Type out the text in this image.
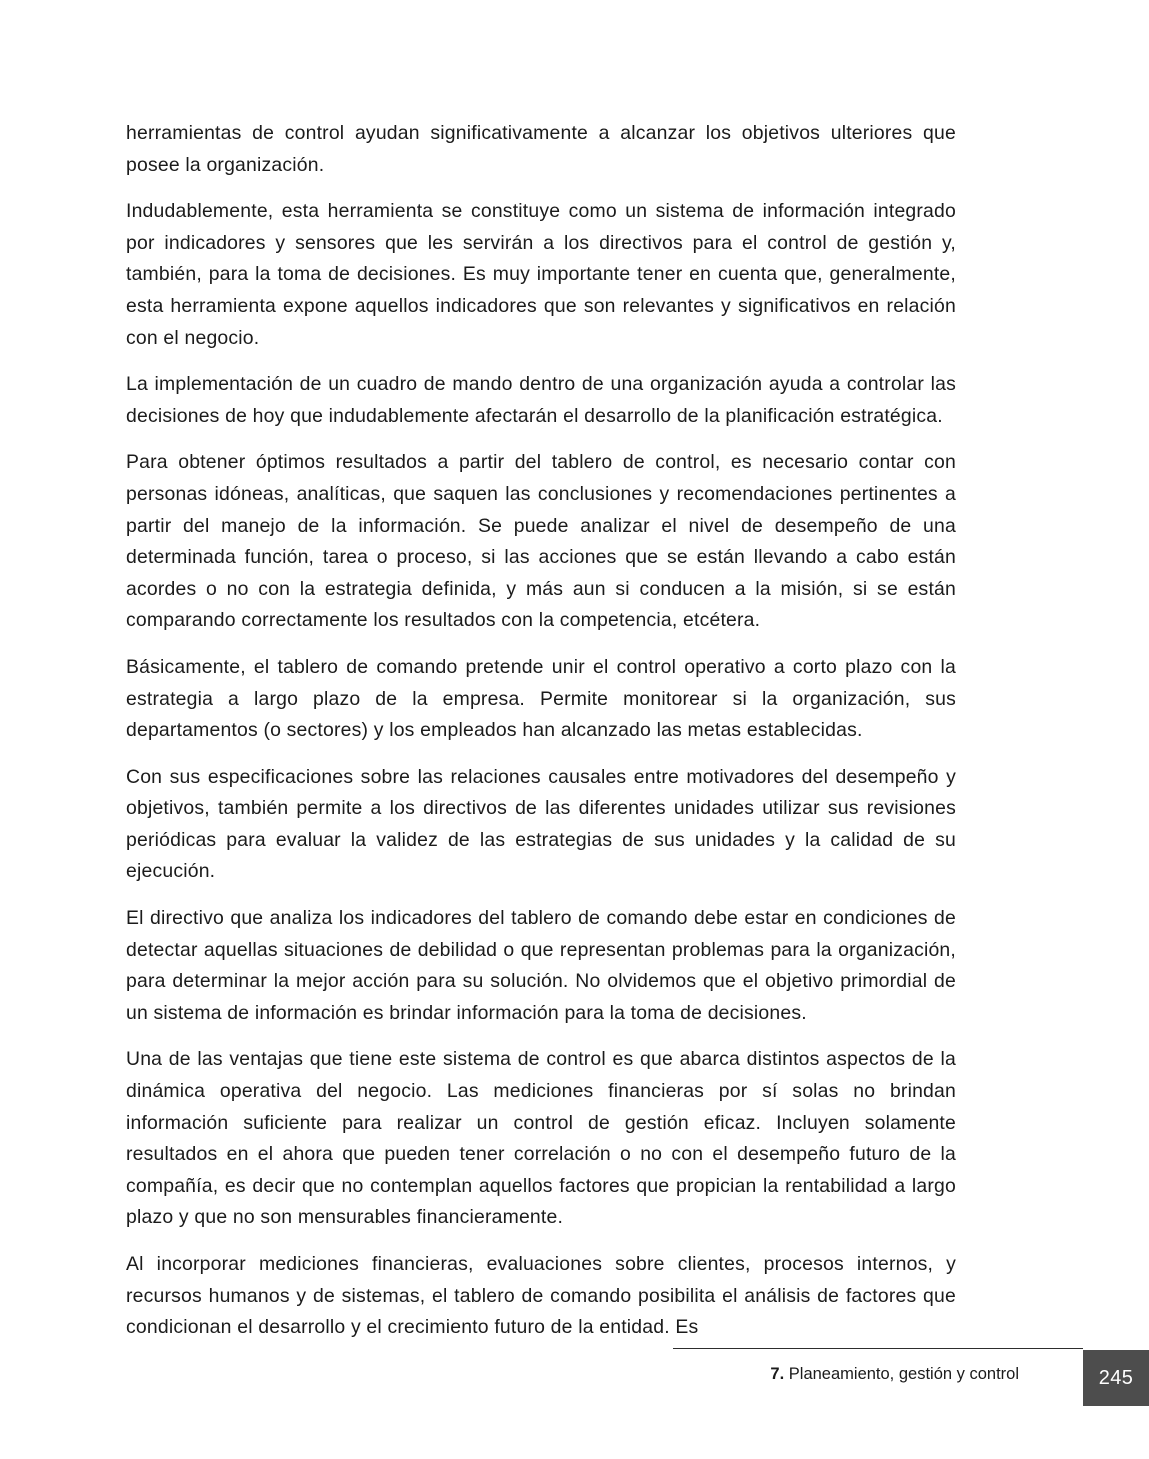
herramientas de control ayudan significativamente a alcanzar los objetivos ulteriores que posee la organización.

Indudablemente, esta herramienta se constituye como un sistema de información integrado por indicadores y sensores que les servirán a los directivos para el control de gestión y, también, para la toma de decisiones. Es muy importante tener en cuenta que, generalmente, esta herramienta expone aquellos indicadores que son relevantes y significativos en relación con el negocio.

La implementación de un cuadro de mando dentro de una organización ayuda a controlar las decisiones de hoy que indudablemente afectarán el desarrollo de la planificación estratégica.

Para obtener óptimos resultados a partir del tablero de control, es necesario contar con personas idóneas, analíticas, que saquen las conclusiones y recomendaciones pertinentes a partir del manejo de la información. Se puede analizar el nivel de desempeño de una determinada función, tarea o proceso, si las acciones que se están llevando a cabo están acordes o no con la estrategia definida, y más aun si conducen a la misión, si se están comparando correctamente los resultados con la competencia, etcétera.

Básicamente, el tablero de comando pretende unir el control operativo a corto plazo con la estrategia a largo plazo de la empresa. Permite monitorear si la organización, sus departamentos (o sectores) y los empleados han alcanzado las metas establecidas.

Con sus especificaciones sobre las relaciones causales entre motivadores del desempeño y objetivos, también permite a los directivos de las diferentes unidades utilizar sus revisiones periódicas para evaluar la validez de las estrategias de sus unidades y la calidad de su ejecución.

El directivo que analiza los indicadores del tablero de comando debe estar en condiciones de detectar aquellas situaciones de debilidad o que representan problemas para la organización, para determinar la mejor acción para su solución. No olvidemos que el objetivo primordial de un sistema de información es brindar información para la toma de decisiones.

Una de las ventajas que tiene este sistema de control es que abarca distintos aspectos de la dinámica operativa del negocio. Las mediciones financieras por sí solas no brindan información suficiente para realizar un control de gestión eficaz. Incluyen solamente resultados en el ahora que pueden tener correlación o no con el desempeño futuro de la compañía, es decir que no contemplan aquellos factores que propician la rentabilidad a largo plazo y que no son mensurables financieramente.

Al incorporar mediciones financieras, evaluaciones sobre clientes, procesos internos, y recursos humanos y de sistemas, el tablero de comando posibilita el análisis de factores que condicionan el desarrollo y el crecimiento futuro de la entidad. Es

7. Planeamiento, gestión y control	245
